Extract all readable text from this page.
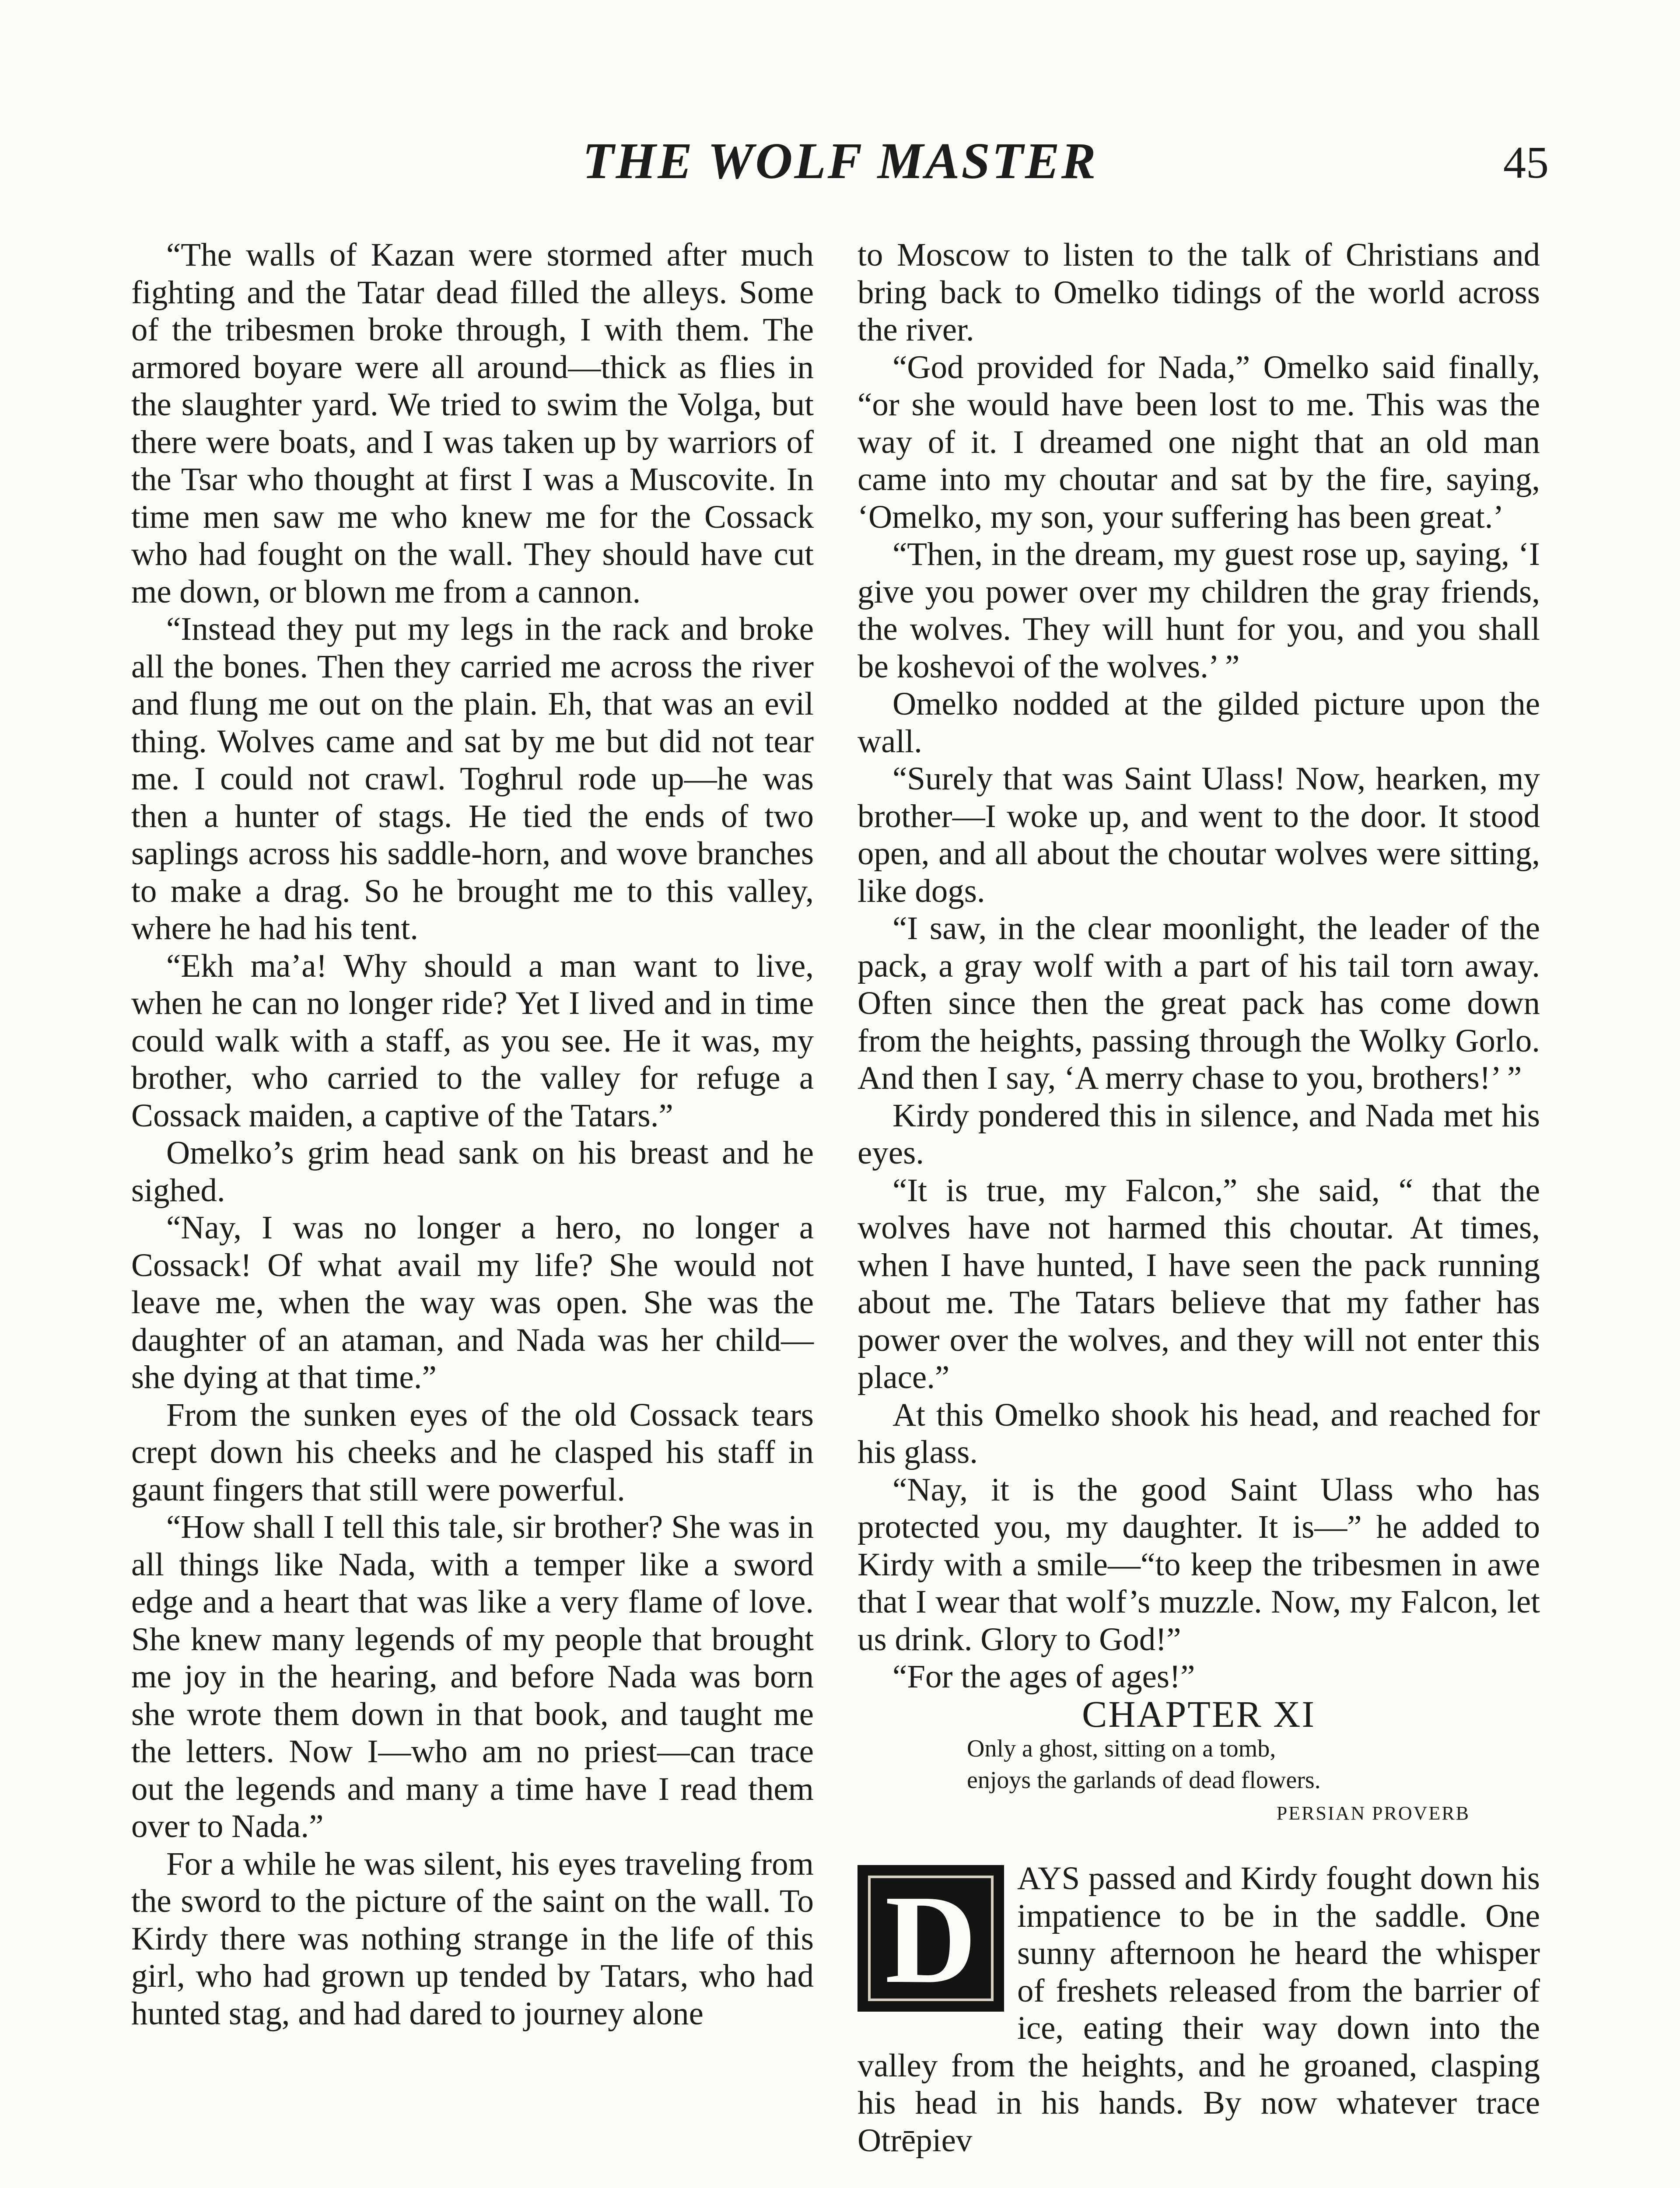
THE WOLF MASTER	45

“The walls of Kazan were stormed after much fighting and the Tatar dead filled the alleys. Some of the tribesmen broke through, I with them. The armored boyare were all around—thick as flies in the slaughter yard. We tried to swim the Volga, but there were boats, and I was taken up by warriors of the Tsar who thought at first I was a Muscovite. In time men saw me who knew me for the Cossack who had fought on the wall. They should have cut me down, or blown me from a cannon.

“Instead they put my legs in the rack and broke all the bones. Then they carried me across the river and flung me out on the plain. Eh, that was an evil thing. Wolves came and sat by me but did not tear me. I could not crawl. Toghrul rode up—he was then a hunter of stags. He tied the ends of two saplings across his saddle-horn, and wove branches to make a drag. So he brought me to this valley, where he had his tent.

“Ekh ma’a! Why should a man want to live, when he can no longer ride? Yet I lived and in time could walk with a staff, as you see. He it was, my brother, who carried to the valley for refuge a Cossack maiden, a captive of the Tatars.”

Omelko’s grim head sank on his breast and he sighed.

“Nay, I was no longer a hero, no longer a Cossack! Of what avail my life? She would not leave me, when the way was open. She was the daughter of an ataman, and Nada was her child—she dying at that time.”

From the sunken eyes of the old Cossack tears crept down his cheeks and he clasped his staff in gaunt fingers that still were powerful.

“How shall I tell this tale, sir brother? She was in all things like Nada, with a temper like a sword edge and a heart that was like a very flame of love. She knew many legends of my people that brought me joy in the hearing, and before Nada was born she wrote them down in that book, and taught me the letters. Now I—who am no priest—can trace out the legends and many a time have I read them over to Nada.”

For a while he was silent, his eyes traveling from the sword to the picture of the saint on the wall. To Kirdy there was nothing strange in the life of this girl, who had grown up tended by Tatars, who had hunted stag, and had dared to journey alone

to Moscow to listen to the talk of Christians and bring back to Omelko tidings of the world across the river.

“God provided for Nada,” Omelko said finally, “or she would have been lost to me. This was the way of it. I dreamed one night that an old man came into my choutar and sat by the fire, saying, ‘Omelko, my son, your suffering has been great.’

“Then, in the dream, my guest rose up, saying, ‘I give you power over my children the gray friends, the wolves. They will hunt for you, and you shall be koshevoi of the wolves.’ ”

Omelko nodded at the gilded picture upon the wall.

“Surely that was Saint Ulass! Now, hearken, my brother—I woke up, and went to the door. It stood open, and all about the choutar wolves were sitting, like dogs.

“I saw, in the clear moonlight, the leader of the pack, a gray wolf with a part of his tail torn away. Often since then the great pack has come down from the heights, passing through the Wolky Gorlo. And then I say, ‘A merry chase to you, brothers!’ ”

Kirdy pondered this in silence, and Nada met his eyes.

“It is true, my Falcon,” she said, “ that the wolves have not harmed this choutar. At times, when I have hunted, I have seen the pack running about me. The Tatars believe that my father has power over the wolves, and they will not enter this place.”

At this Omelko shook his head, and reached for his glass.

“Nay, it is the good Saint Ulass who has protected you, my daughter. It is—” he added to Kirdy with a smile—“to keep the tribesmen in awe that I wear that wolf’s muzzle. Now, my Falcon, let us drink. Glory to God!”

“For the ages of ages!”

CHAPTER XI

Only a ghost, sitting on a tomb,
enjoys the garlands of dead flowers.
PERSIAN PROVERB
D	AYS passed and Kirdy fought down his impatience to be in the saddle. One sunny afternoon he heard the whisper of freshets released from the barrier of ice, eating their way down into the valley from the heights, and he groaned, clasping his head in his hands. By now whatever trace Otrēpiev
